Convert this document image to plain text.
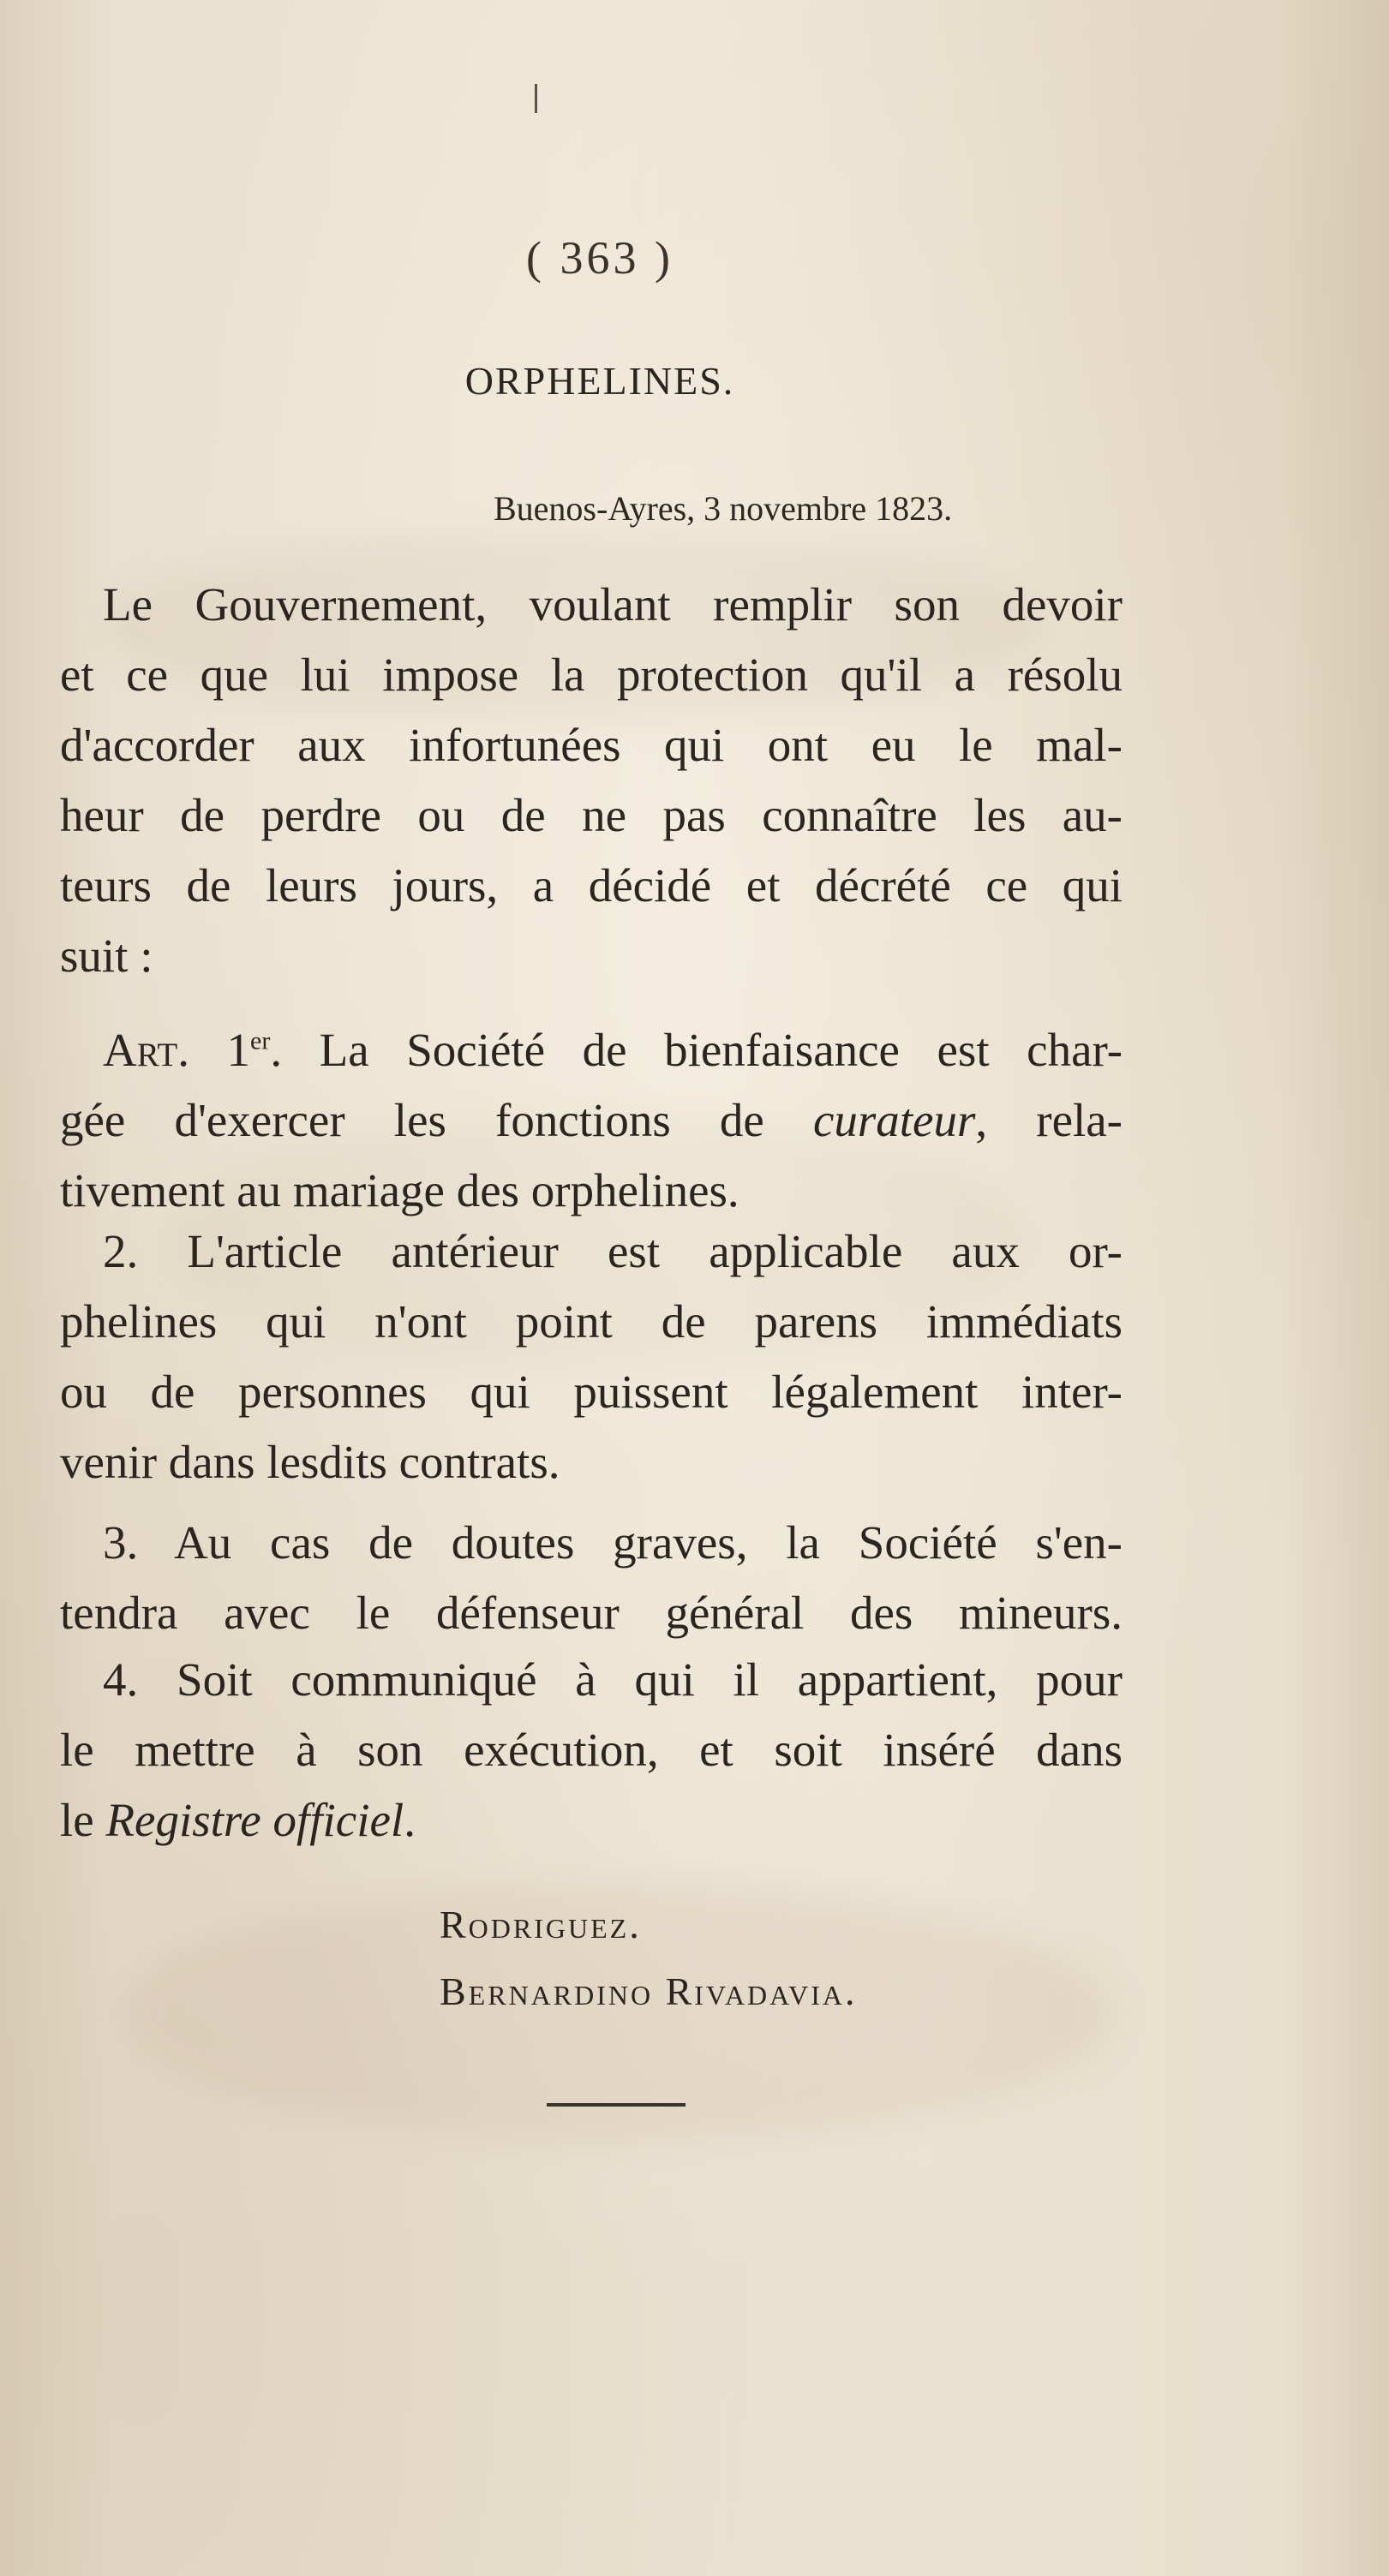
( 363 )
ORPHELINES.
Buenos-Ayres, 3 novembre 1823.
Le Gouvernement, voulant remplir son devoir
et ce que lui impose la protection qu'il a résolu
d'accorder aux infortunées qui ont eu le mal-
heur de perdre ou de ne pas connaître les au-
teurs de leurs jours, a décidé et décrété ce qui
suit :
Art. 1er. La Société de bienfaisance est char-
gée d'exercer les fonctions de curateur, rela-
tivement au mariage des orphelines.
2. L'article antérieur est applicable aux or-
phelines qui n'ont point de parens immédiats
ou de personnes qui puissent légalement inter-
venir dans lesdits contrats.
3. Au cas de doutes graves, la Société s'en-
tendra avec le défenseur général des mineurs.
4. Soit communiqué à qui il appartient, pour
le mettre à son exécution, et soit inséré dans
le Registre officiel.
Rodriguez.
Bernardino Rivadavia.
